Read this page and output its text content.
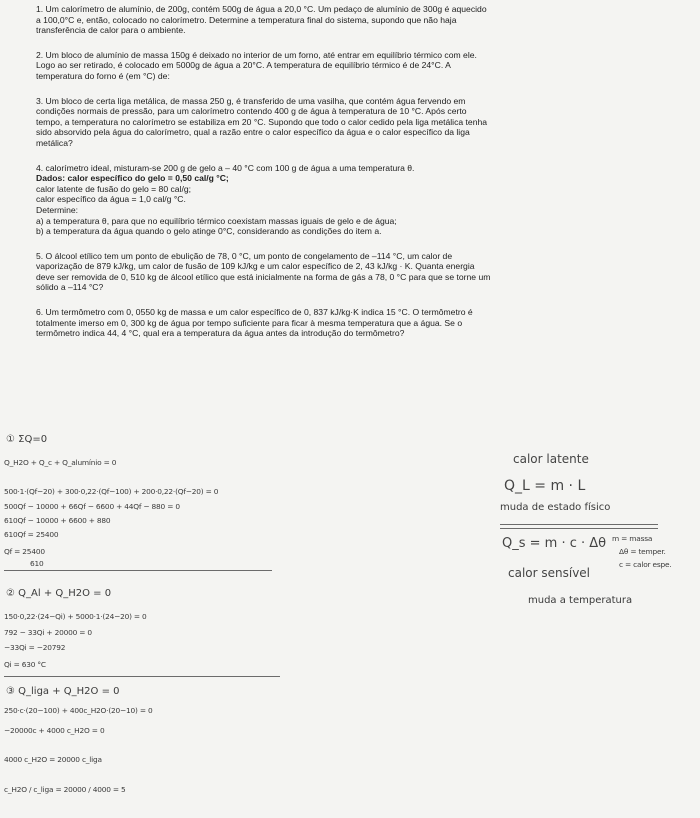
1. Um calorímetro de alumínio, de 200g, contém 500g de água a 20,0 °C. Um pedaço de alumínio de 300g é aquecido
a 100,0°C e, então, colocado no calorímetro. Determine a temperatura final do sistema, supondo que não haja
transferência de calor para o ambiente.
2. Um bloco de alumínio de massa 150g é deixado no interior de um forno, até entrar em equilíbrio térmico com ele.
Logo ao ser retirado, é colocado em 5000g de água a 20°C. A temperatura de equilíbrio térmico é de 24°C. A
temperatura do forno é (em °C) de:
3. Um bloco de certa liga metálica, de massa 250 g, é transferido de uma vasilha, que contém água fervendo em
condições normais de pressão, para um calorímetro contendo 400 g de água à temperatura de 10 °C. Após certo
tempo, a temperatura no calorímetro se estabiliza em 20 °C. Supondo que todo o calor cedido pela liga metálica tenha
sido absorvido pela água do calorímetro, qual a razão entre o calor específico da água e o calor específico da liga
metálica?
4. calorímetro ideal, misturam-se 200 g de gelo a – 40 °C com 100 g de água a uma temperatura θ.
Dados: calor específico do gelo = 0,50 cal/g °C;
calor latente de fusão do gelo = 80 cal/g;
calor específico da água = 1,0 cal/g °C.
Determine:
a) a temperatura θ, para que no equilíbrio térmico coexistam massas iguais de gelo e de água;
b) a temperatura da água quando o gelo atinge 0°C, considerando as condições do item a.
5. O álcool etílico tem um ponto de ebulição de 78, 0 °C, um ponto de congelamento de –114 °C, um calor de
vaporização de 879 kJ/kg, um calor de fusão de 109 kJ/kg e um calor específico de 2, 43 kJ/kg · K. Quanta energia
deve ser removida de 0, 510 kg de álcool etílico que está inicialmente na forma de gás a 78, 0 °C para que se torne um
sólido a –114 °C?
6. Um termômetro com 0, 0550 kg de massa e um calor específico de 0, 837 kJ/kg·K indica 15 °C. O termômetro é
totalmente imerso em 0, 300 kg de água por tempo suficiente para ficar à mesma temperatura que a água. Se o
termômetro indica 44, 4 °C, qual era a temperatura da água antes da introdução do termômetro?
① ΣQ=0
Q_H2O + Q_c + Q_alumínio = 0
500·1·(Qf−20) + 300·0,22·(Qf−100) + 200·0,22·(Qf−20) = 0
500Qf − 10000 + 66Qf − 6600 + 44Qf − 880 = 0
610Qf − 10000 + 6600 + 880
610Qf = 25400
Qf = 25400
610
② Q_Al + Q_H2O = 0
150·0,22·(24−Qi) + 5000·1·(24−20) = 0
792 − 33Qi + 20000 = 0
−33Qi = −20792
Qi = 630 °C
③ Q_liga + Q_H2O = 0
250·c·(20−100) + 400c_H2O·(20−10) = 0
−20000c + 4000 c_H2O = 0
4000 c_H2O = 20000 c_liga
c_H2O / c_liga = 20000 / 4000 = 5
calor latente
Q_L = m · L
muda de estado físico
Q_s = m · c · Δθ m = massa
Δθ = temper.
c = calor espe.
calor sensível
muda a temperatura
